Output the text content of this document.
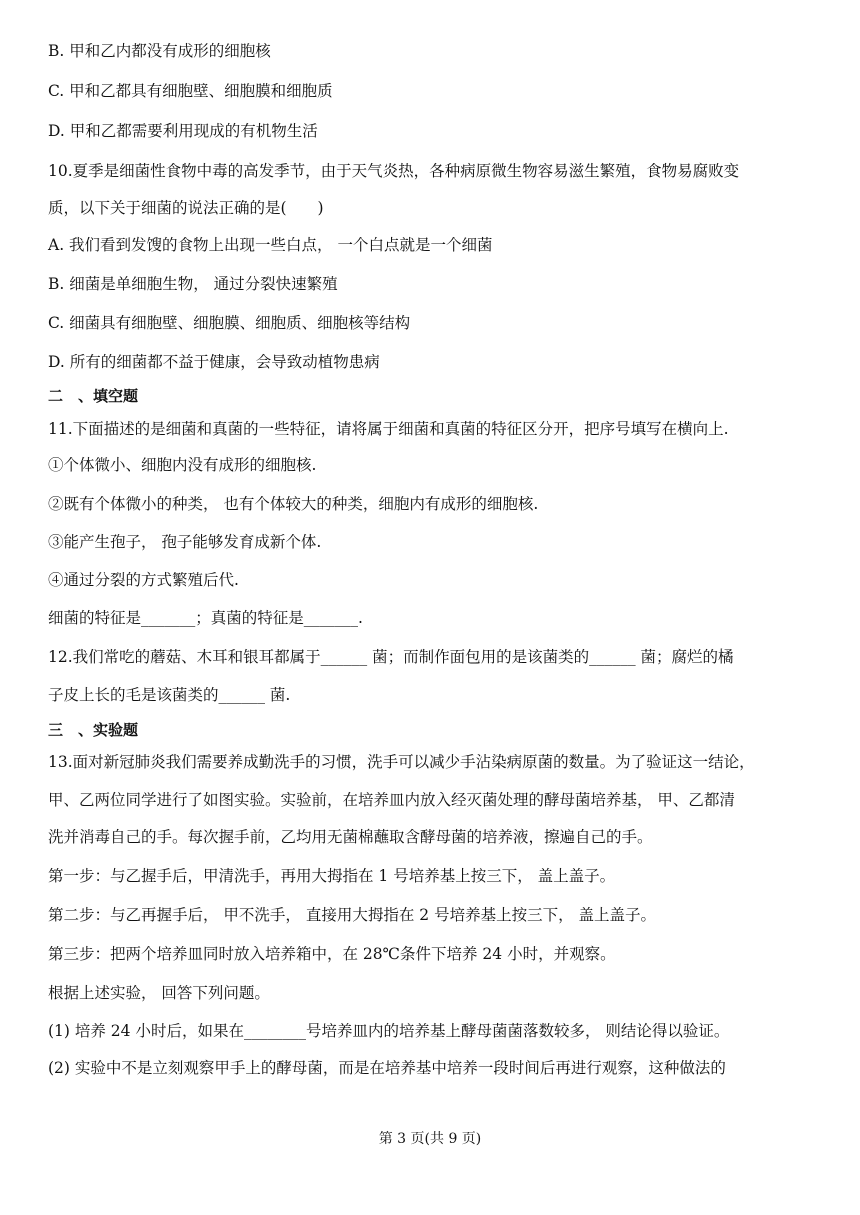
B. 甲和乙内都没有成形的细胞核
C. 甲和乙都具有细胞壁、细胞膜和细胞质
D. 甲和乙都需要利用现成的有机物生活
10.夏季是细菌性食物中毒的高发季节，由于天气炎热，各种病原微生物容易滋生繁殖，食物易腐败变
质，以下关于细菌的说法正确的是(　　)
A. 我们看到发馊的食物上出现一些白点， 一个白点就是一个细菌
B. 细菌是单细胞生物， 通过分裂快速繁殖
C. 细菌具有细胞壁、细胞膜、细胞质、细胞核等结构
D. 所有的细菌都不益于健康，会导致动植物患病
二　、填空题
11.下面描述的是细菌和真菌的一些特征，请将属于细菌和真菌的特征区分开，把序号填写在横向上.
①个体微小、细胞内没有成形的细胞核.
②既有个体微小的种类， 也有个体较大的种类，细胞内有成形的细胞核.
③能产生孢子， 孢子能够发育成新个体.
④通过分裂的方式繁殖后代.
细菌的特征是_______；真菌的特征是_______.
12.我们常吃的蘑菇、木耳和银耳都属于______ 菌；而制作面包用的是该菌类的______ 菌；腐烂的橘
子皮上长的毛是该菌类的______ 菌.
三　、实验题
13.面对新冠肺炎我们需要养成勤洗手的习惯，洗手可以减少手沾染病原菌的数量。为了验证这一结论，
甲、乙两位同学进行了如图实验。实验前，在培养皿内放入经灭菌处理的酵母菌培养基， 甲、乙都清
洗并消毒自己的手。每次握手前，乙均用无菌棉蘸取含酵母菌的培养液，擦遍自己的手。
第一步：与乙握手后，甲清洗手，再用大拇指在 1 号培养基上按三下， 盖上盖子。
第二步：与乙再握手后， 甲不洗手， 直接用大拇指在 2 号培养基上按三下， 盖上盖子。
第三步：把两个培养皿同时放入培养箱中，在 28℃条件下培养 24 小时，并观察。
根据上述实验， 回答下列问题。
(1) 培养 24 小时后，如果在________号培养皿内的培养基上酵母菌菌落数较多， 则结论得以验证。
(2) 实验中不是立刻观察甲手上的酵母菌，而是在培养基中培养一段时间后再进行观察，这种做法的
第 3 页(共 9 页)
